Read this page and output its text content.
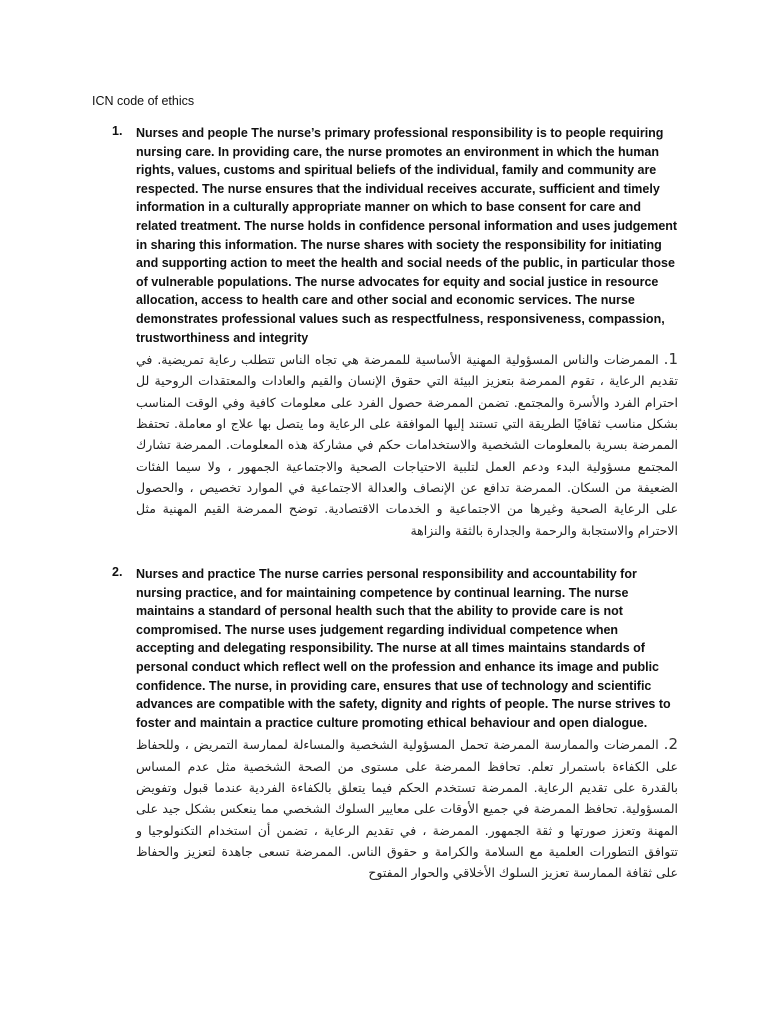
ICN code of ethics
1. Nurses and people The nurse’s primary professional responsibility is to people requiring nursing care. In providing care, the nurse promotes an environment in which the human rights, values, customs and spiritual beliefs of the individual, family and community are respected. The nurse ensures that the individual receives accurate, sufficient and timely information in a culturally appropriate manner on which to base consent for care and related treatment. The nurse holds in confidence personal information and uses judgement in sharing this information. The nurse shares with society the responsibility for initiating and supporting action to meet the health and social needs of the public, in particular those of vulnerable populations. The nurse advocates for equity and social justice in resource allocation, access to health care and other social and economic services. The nurse demonstrates professional values such as respectfulness, responsiveness, compassion, trustworthiness and integrity

1. الممرضات والناس المسؤولية المهنية الأساسية للممرضة هي تجاه الناس تتطلب رعاية تمريضية. في تقديم الرعاية ، تقوم الممرضة بتعزيز البيئة التي حقوق الإنسان والقيم والعادات والمعتقدات الروحية لل احترام الفرد والأسرة والمجتمع. تضمن الممرضة حصول الفرد على معلومات كافية وفي الوقت المناسب بشكل مناسب ثقافيًا الطريقة التي تستند إليها الموافقة على الرعاية وما يتصل بها علاج او معاملة. تحتفظ الممرضة بسرية بالمعلومات الشخصية والاستخدامات حكم في مشاركة هذه المعلومات. الممرضة تشارك المجتمع مسؤولية البدء ودعم العمل لتلبية الاحتياجات الصحية والاجتماعية الجمهور ، ولا سيما الفئات الضعيفة من السكان. الممرضة تدافع عن الإنصاف والعدالة الاجتماعية في الموارد تخصيص ، والحصول على الرعاية الصحية وغيرها من الاجتماعية و الخدمات الاقتصادية. توضح الممرضة القيم المهنية مثل الاحترام والاستجابة والرحمة والجدارة بالثقة والنزاهة

2. Nurses and practice The nurse carries personal responsibility and accountability for nursing practice, and for maintaining competence by continual learning. The nurse maintains a standard of personal health such that the ability to provide care is not compromised. The nurse uses judgement regarding individual competence when accepting and delegating responsibility. The nurse at all times maintains standards of personal conduct which reflect well on the profession and enhance its image and public confidence. The nurse, in providing care, ensures that use of technology and scientific advances are compatible with the safety, dignity and rights of people. The nurse strives to foster and maintain a practice culture promoting ethical behaviour and open dialogue.

2. الممرضات والممارسة الممرضة تحمل المسؤولية الشخصية والمساءلة لممارسة التمريض ، وللحفاظ على الكفاءة باستمرار تعلم. تحافظ الممرضة على مستوى من الصحة الشخصية مثل عدم المساس بالقدرة على تقديم الرعاية. الممرضة تستخدم الحكم فيما يتعلق بالكفاءة الفردية عندما قبول وتفويض المسؤولية. تحافظ الممرضة في جميع الأوقات على معايير السلوك الشخصي مما ينعكس بشكل جيد على المهنة وتعزز صورتها و ثقة الجمهور. الممرضة ، في تقديم الرعاية ، تضمن أن استخدام التكنولوجيا و تتوافق التطورات العلمية مع السلامة والكرامة و حقوق الناس. الممرضة تسعى جاهدة لتعزيز والحفاظ على ثقافة الممارسة تعزيز السلوك الأخلاقي والحوار المفتوح
